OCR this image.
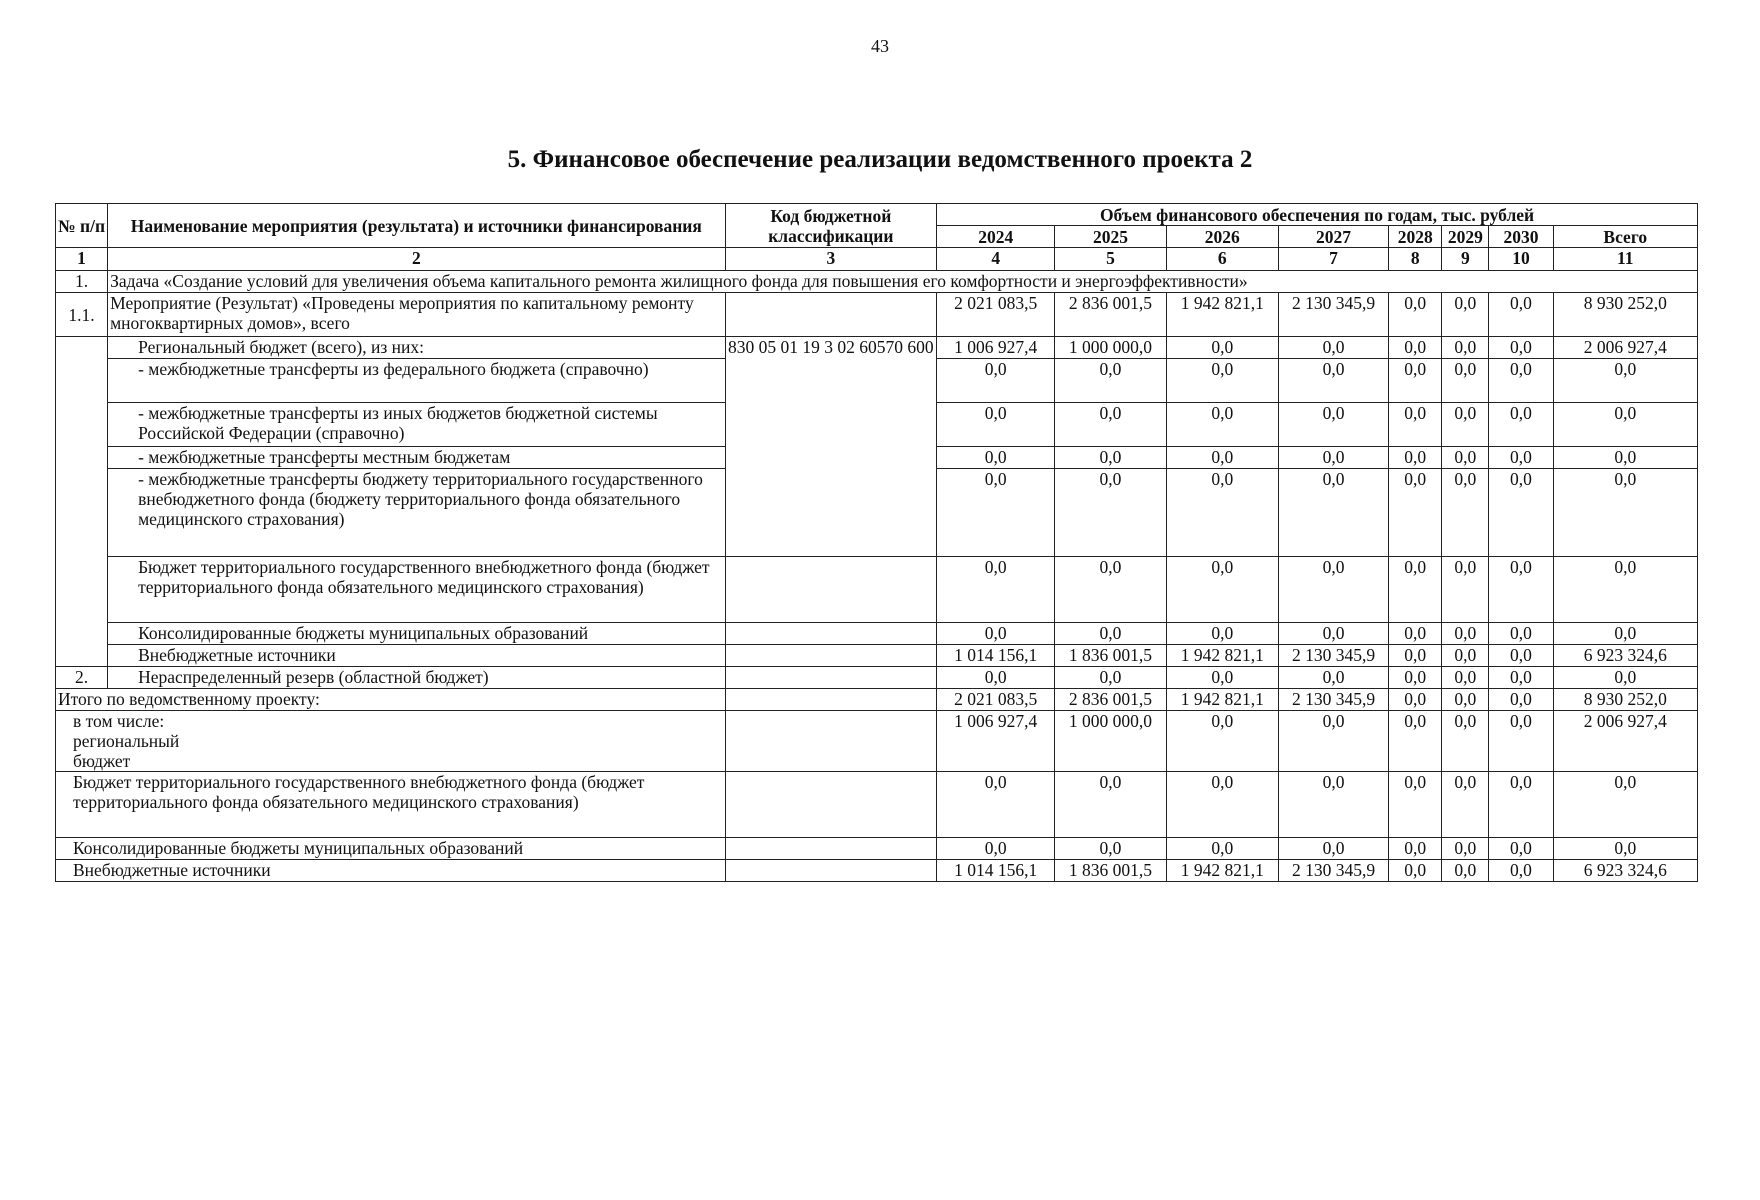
43
5. Финансовое обеспечение реализации ведомственного проекта 2
№ п/п	Наименование мероприятия (результата) и источники финансирования	Код бюджетной классификации	Объем финансового обеспечения по годам, тыс. рублей							
			2024	2025	2026	2027	2028	2029	2030	Всего
1	2	3	4	5	6	7	8	9	10	11
1.	Задача «Создание условий для увеличения объема капитального ремонта жилищного фонда для повышения его комфортности и энергоэффективности»									
1.1.	Мероприятие (Результат) «Проведены мероприятия по капитальному ремонту многоквартирных домов», всего		2 021 083,5	2 836 001,5	1 942 821,1	2 130 345,9	0,0	0,0	0,0	8 930 252,0
	Региональный бюджет (всего), из них:	830 05 01 19 3 02 60570 600	1 006 927,4	1 000 000,0	0,0	0,0	0,0	0,0	0,0	2 006 927,4
	- межбюджетные трансферты из федерального бюджета (справочно)		0,0	0,0	0,0	0,0	0,0	0,0	0,0	0,0
	- межбюджетные трансферты из иных бюджетов бюджетной системы Российской Федерации (справочно)		0,0	0,0	0,0	0,0	0,0	0,0	0,0	0,0
	- межбюджетные трансферты местным бюджетам		0,0	0,0	0,0	0,0	0,0	0,0	0,0	0,0
	- межбюджетные трансферты бюджету территориального государственного внебюджетного фонда (бюджету территориального фонда обязательного медицинского страхования)		0,0	0,0	0,0	0,0	0,0	0,0	0,0	0,0
	Бюджет территориального государственного внебюджетного фонда (бюджет территориального фонда обязательного медицинского страхования)		0,0	0,0	0,0	0,0	0,0	0,0	0,0	0,0
	Консолидированные бюджеты муниципальных образований		0,0	0,0	0,0	0,0	0,0	0,0	0,0	0,0
	Внебюджетные источники		1 014 156,1	1 836 001,5	1 942 821,1	2 130 345,9	0,0	0,0	0,0	6 923 324,6
2.	Нераспределенный резерв (областной бюджет)		0,0	0,0	0,0	0,0	0,0	0,0	0,0	0,0
Итого по ведомственному проекту:			2 021 083,5	2 836 001,5	1 942 821,1	2 130 345,9	0,0	0,0	0,0	8 930 252,0
в том числе: региональный бюджет			1 006 927,4	1 000 000,0	0,0	0,0	0,0	0,0	0,0	2 006 927,4
Бюджет территориального государственного внебюджетного фонда (бюджет территориального фонда обязательного медицинского страхования)			0,0	0,0	0,0	0,0	0,0	0,0	0,0	0,0
Консолидированные бюджеты муниципальных образований			0,0	0,0	0,0	0,0	0,0	0,0	0,0	0,0
Внебюджетные источники			1 014 156,1	1 836 001,5	1 942 821,1	2 130 345,9	0,0	0,0	0,0	6 923 324,6
